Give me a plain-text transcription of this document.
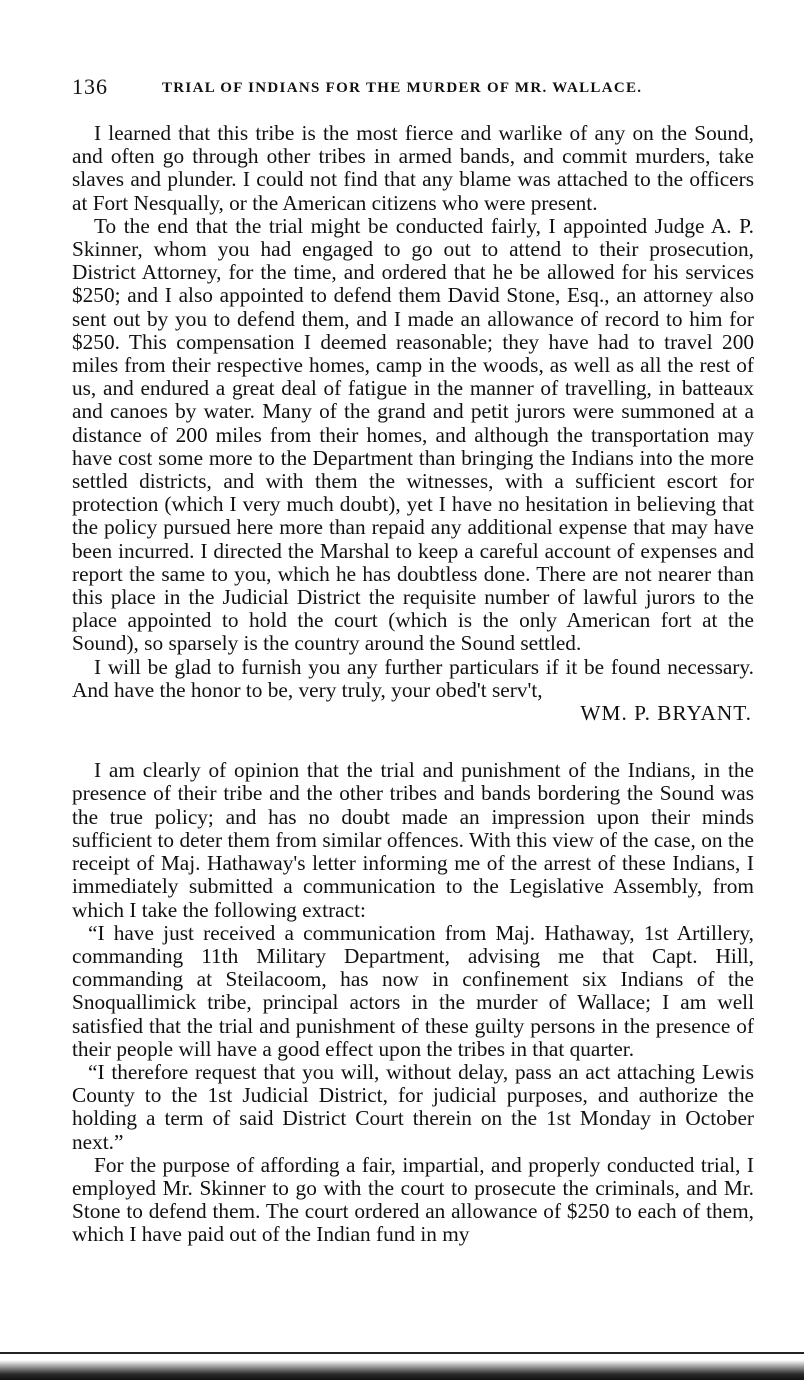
136	TRIAL OF INDIANS FOR THE MURDER OF MR. WALLACE.

I learned that this tribe is the most fierce and warlike of any on the Sound, and often go through other tribes in armed bands, and commit murders, take slaves and plunder. I could not find that any blame was attached to the officers at Fort Nesqually, or the American citizens who were present.

To the end that the trial might be conducted fairly, I appointed Judge A. P. Skinner, whom you had engaged to go out to attend to their prosecution, District Attorney, for the time, and ordered that he be allowed for his services $250; and I also appointed to defend them David Stone, Esq., an attorney also sent out by you to defend them, and I made an allowance of record to him for $250. This compensation I deemed reasonable; they have had to travel 200 miles from their respective homes, camp in the woods, as well as all the rest of us, and endured a great deal of fatigue in the manner of travelling, in batteaux and canoes by water. Many of the grand and petit jurors were summoned at a distance of 200 miles from their homes, and although the transportation may have cost some more to the Department than bringing the Indians into the more settled districts, and with them the witnesses, with a sufficient escort for protection (which I very much doubt), yet I have no hesitation in believing that the policy pursued here more than repaid any additional expense that may have been incurred. I directed the Marshal to keep a careful account of expenses and report the same to you, which he has doubtless done. There are not nearer than this place in the Judicial District the requisite number of lawful jurors to the place appointed to hold the court (which is the only American fort at the Sound), so sparsely is the country around the Sound settled.

I will be glad to furnish you any further particulars if it be found necessary. And have the honor to be, very truly, your obed't serv't,

WM. P. BRYANT.

I am clearly of opinion that the trial and punishment of the Indians, in the presence of their tribe and the other tribes and bands bordering the Sound was the true policy; and has no doubt made an impression upon their minds sufficient to deter them from similar offences. With this view of the case, on the receipt of Maj. Hathaway's letter informing me of the arrest of these Indians, I immediately submitted a communication to the Legislative Assembly, from which I take the following extract:

“I have just received a communication from Maj. Hathaway, 1st Artillery, commanding 11th Military Department, advising me that Capt. Hill, commanding at Steilacoom, has now in confinement six Indians of the Snoquallimick tribe, principal actors in the murder of Wallace; I am well satisfied that the trial and punishment of these guilty persons in the presence of their people will have a good effect upon the tribes in that quarter.

“I therefore request that you will, without delay, pass an act attaching Lewis County to the 1st Judicial District, for judicial purposes, and authorize the holding a term of said District Court therein on the 1st Monday in October next.”

For the purpose of affording a fair, impartial, and properly conducted trial, I employed Mr. Skinner to go with the court to prosecute the criminals, and Mr. Stone to defend them. The court ordered an allowance of $250 to each of them, which I have paid out of the Indian fund in my
